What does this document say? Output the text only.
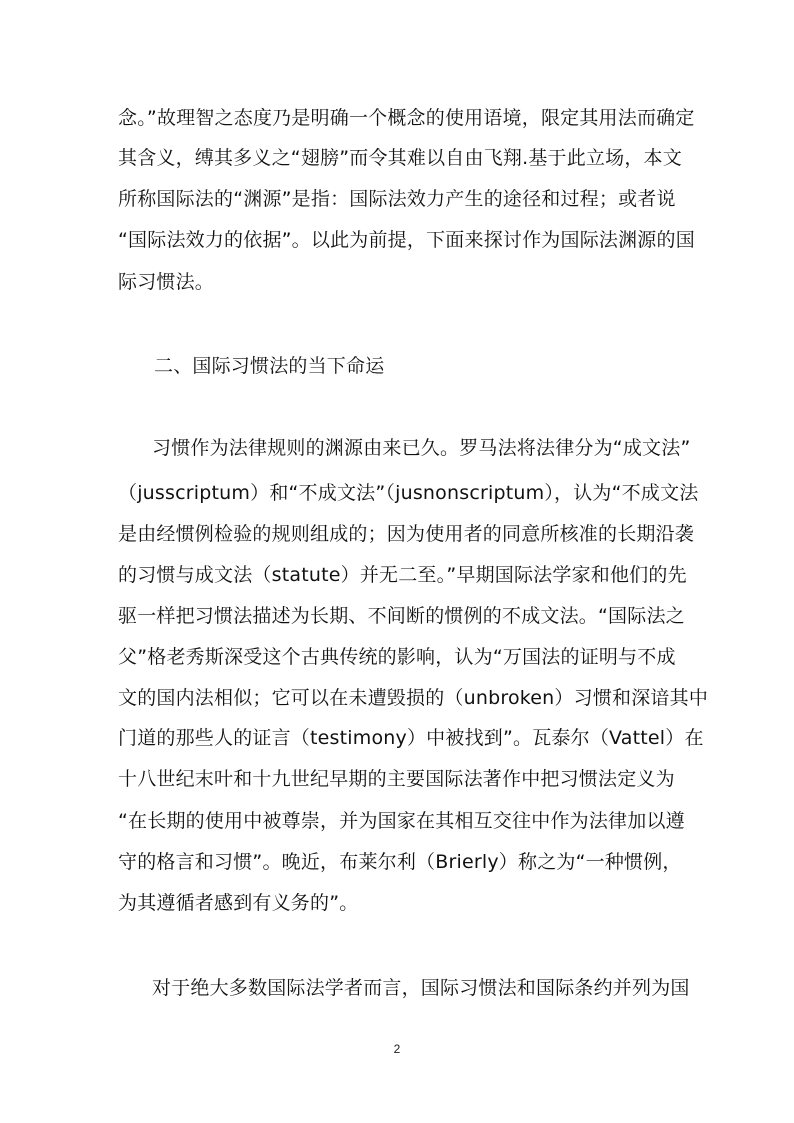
念。”故理智之态度乃是明确一个概念的使用语境，限定其用法而确定
其含义，缚其多义之“翅膀”而令其难以自由飞翔.基于此立场，本文
所称国际法的“渊源”是指：国际法效力产生的途径和过程；或者说
“国际法效力的依据”。以此为前提，下面来探讨作为国际法渊源的国
际习惯法。
二、国际习惯法的当下命运
习惯作为法律规则的渊源由来已久。罗马法将法律分为“成文法”
（jusscriptum）和“不成文法”（jusnonscriptum），认为“不成文法
是由经惯例检验的规则组成的；因为使用者的同意所核准的长期沿袭
的习惯与成文法（statute）并无二至。”早期国际法学家和他们的先
驱一样把习惯法描述为长期、不间断的惯例的不成文法。“国际法之
父”格老秀斯深受这个古典传统的影响，认为“万国法的证明与不成
文的国内法相似；它可以在未遭毁损的（unbroken）习惯和深谙其中
门道的那些人的证言（testimony）中被找到”。瓦泰尔（Vattel）在
十八世纪末叶和十九世纪早期的主要国际法著作中把习惯法定义为
“在长期的使用中被尊崇，并为国家在其相互交往中作为法律加以遵
守的格言和习惯”。晚近，布莱尔利（Brierly）称之为“一种惯例，
为其遵循者感到有义务的”。
对于绝大多数国际法学者而言，国际习惯法和国际条约并列为国
2
